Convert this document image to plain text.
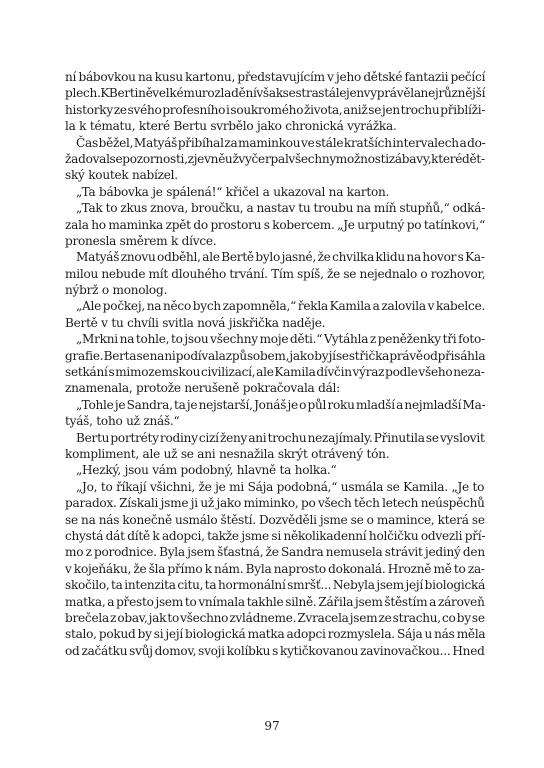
ní bábovkou na kusu kartonu, představujícím v jeho dětské fantazii pečící
plech. K Bertině velkému rozladění však sestra stále jen vyprávěla nejrůznější
historky ze svého profesního i soukromého života, aniž se jen trochu přiblíži-
la k tématu, které Bertu svrbělo jako chronická vyrážka.
Čas běžel, Matyáš přibíhal za maminkou ve stále kratších intervalech a do-
žadoval se pozornosti, zjevně už vyčerpal všechny možnosti zábavy, které dět-
ský koutek nabízel.
„Ta bábovka je spálená!“ křičel a ukazoval na karton.
„Tak to zkus znova, broučku, a nastav tu troubu na míň stupňů,“ odká-
zala ho maminka zpět do prostoru s kobercem. „Je urputný po tatínkovi,“
pronesla směrem k dívce.
Matyáš znovu odběhl, ale Bertě bylo jasné, že chvilka klidu na hovor s Ka-
milou nebude mít dlouhého trvání. Tím spíš, že se nejednalo o rozhovor,
nýbrž o monolog.
„Ale počkej, na něco bych zapomněla,“ řekla Kamila a zalovila v kabelce.
Bertě v tu chvíli svitla nová jiskřička naděje.
„Mrkni na tohle, to jsou všechny moje děti.“ Vytáhla z peněženky tři foto-
grafie. Berta se na ni podívala způsobem, jako by jí sestřička právě odpřisáhla
setkání s mimozemskou civilizací, ale Kamila dívčin výraz podle všeho neza-
znamenala, protože nerušeně pokračovala dál:
„Tohle je Sandra, ta je nejstarší, Jonáš je o půl roku mladší a nejmladší Ma-
tyáš, toho už znáš.“
Bertu portréty rodiny cizí ženy ani trochu nezajímaly. Přinutila se vyslovit
kompliment, ale už se ani nesnažila skrýt otrávený tón.
„Hezký, jsou vám podobný, hlavně ta holka.“
„Jo, to říkají všichni, že je mi Sája podobná,“ usmála se Kamila. „Je to
paradox. Získali jsme ji už jako miminko, po všech těch letech neúspěchů
se na nás konečně usmálo štěstí. Dozvěděli jsme se o mamince, která se
chystá dát dítě k adopci, takže jsme si několikadenní holčičku odvezli pří-
mo z porodnice. Byla jsem šťastná, že Sandra nemusela strávit jediný den
v kojeňáku, že šla přímo k nám. Byla naprosto dokonalá. Hrozně mě to za-
skočilo, ta intenzita citu, ta hormonální smršť... Nebyla jsem její biologická
matka, a přesto jsem to vnímala takhle silně. Zářila jsem štěstím a zároveň
brečela z obav, jak to všechno zvládneme. Zvracela jsem ze strachu, co by se
stalo, pokud by si její biologická matka adopci rozmyslela. Sája u nás měla
od začátku svůj domov, svoji kolíbku s kytičkovanou zavinovačkou... Hned
97
